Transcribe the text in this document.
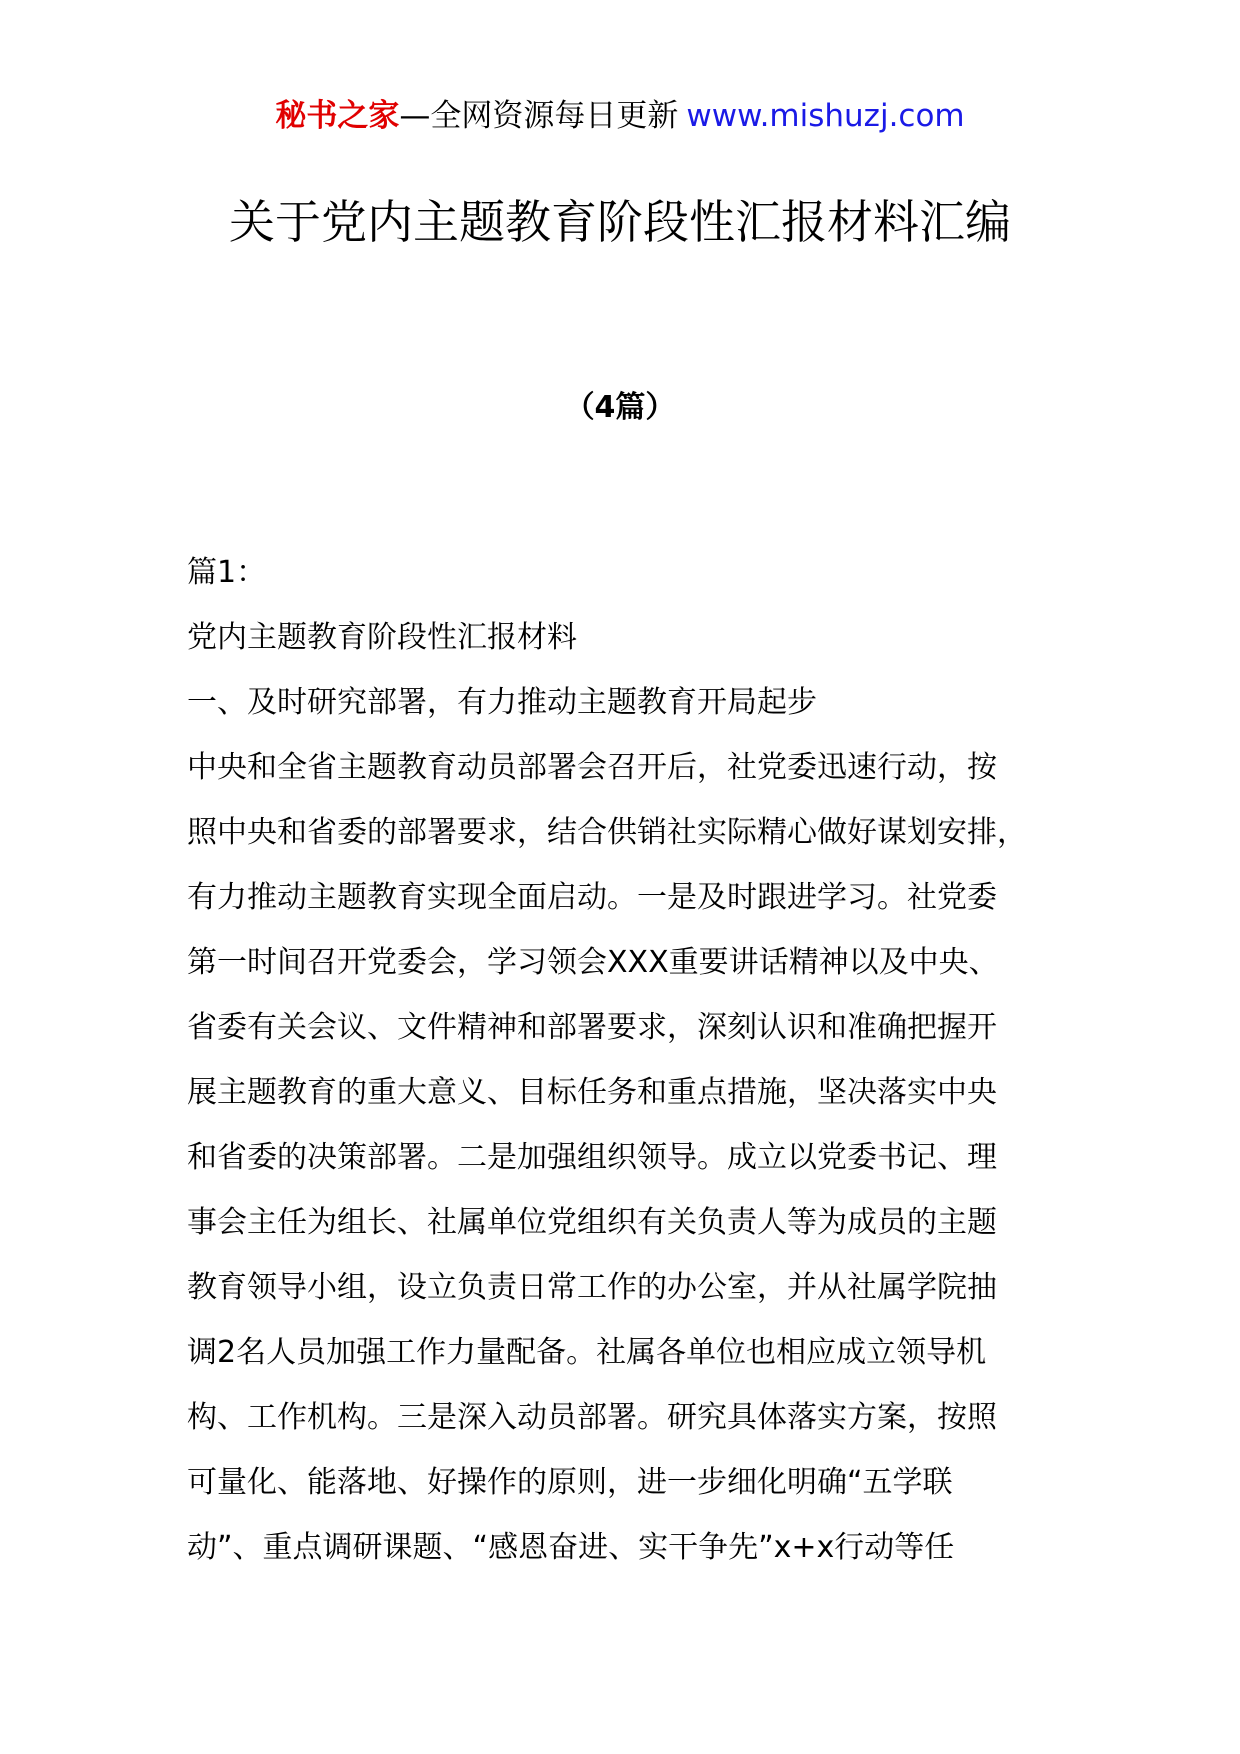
秘书之家—全网资源每日更新 www.mishuzj.com
关于党内主题教育阶段性汇报材料汇编
（4篇）
篇1：
党内主题教育阶段性汇报材料
一、及时研究部署，有力推动主题教育开局起步
中央和全省主题教育动员部署会召开后，社党委迅速行动，按
照中央和省委的部署要求，结合供销社实际精心做好谋划安排，
有力推动主题教育实现全面启动。一是及时跟进学习。社党委
第一时间召开党委会，学习领会XXX重要讲话精神以及中央、
省委有关会议、文件精神和部署要求，深刻认识和准确把握开
展主题教育的重大意义、目标任务和重点措施，坚决落实中央
和省委的决策部署。二是加强组织领导。成立以党委书记、理
事会主任为组长、社属单位党组织有关负责人等为成员的主题
教育领导小组，设立负责日常工作的办公室，并从社属学院抽
调2名人员加强工作力量配备。社属各单位也相应成立领导机
构、工作机构。三是深入动员部署。研究具体落实方案，按照
可量化、能落地、好操作的原则，进一步细化明确“五学联
动”、重点调研课题、“感恩奋进、实干争先”x+x行动等任
